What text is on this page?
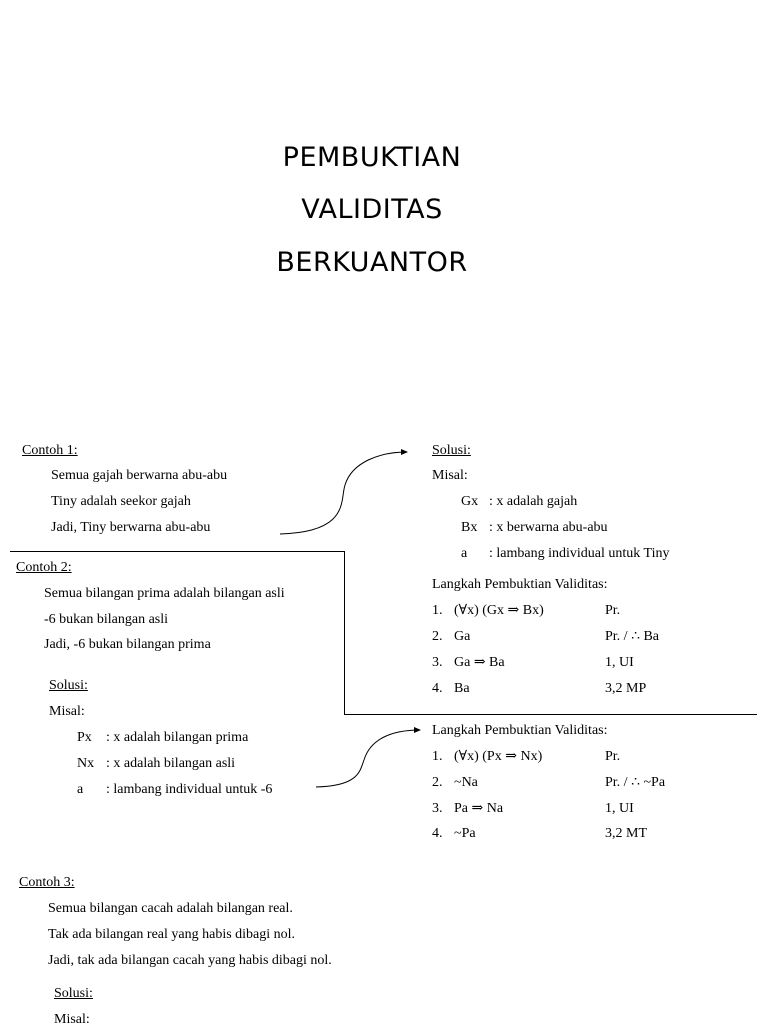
PEMBUKTIAN
VALIDITAS
BERKUANTOR
Contoh 1:
Semua gajah berwarna abu-abu
Tiny adalah seekor gajah
Jadi, Tiny berwarna abu-abu
Solusi:
Misal:
Gx : x adalah gajah
Bx : x berwarna abu-abu
a : lambang individual untuk Tiny
Langkah Pembuktian Validitas:
1. (∀x) (Gx ⇒ Bx)	Pr.
2. Ga	Pr. / ∴ Ba
3. Ga ⇒ Ba	1, UI
4. Ba	3,2 MP
Contoh 2:
Semua bilangan prima adalah bilangan asli
-6 bukan bilangan asli
Jadi, -6 bukan bilangan prima
Solusi:
Misal:
Px : x adalah bilangan prima
Nx : x adalah bilangan asli
a : lambang individual untuk -6
Langkah Pembuktian Validitas:
1. (∀x) (Px ⇒ Nx)	Pr.
2. ~Na	Pr. / ∴ ~Pa
3. Pa ⇒ Na	1, UI
4. ~Pa	3,2 MT
Contoh 3:
Semua bilangan cacah adalah bilangan real.
Tak ada bilangan real yang habis dibagi nol.
Jadi, tak ada bilangan cacah yang habis dibagi nol.
Solusi:
Misal:
